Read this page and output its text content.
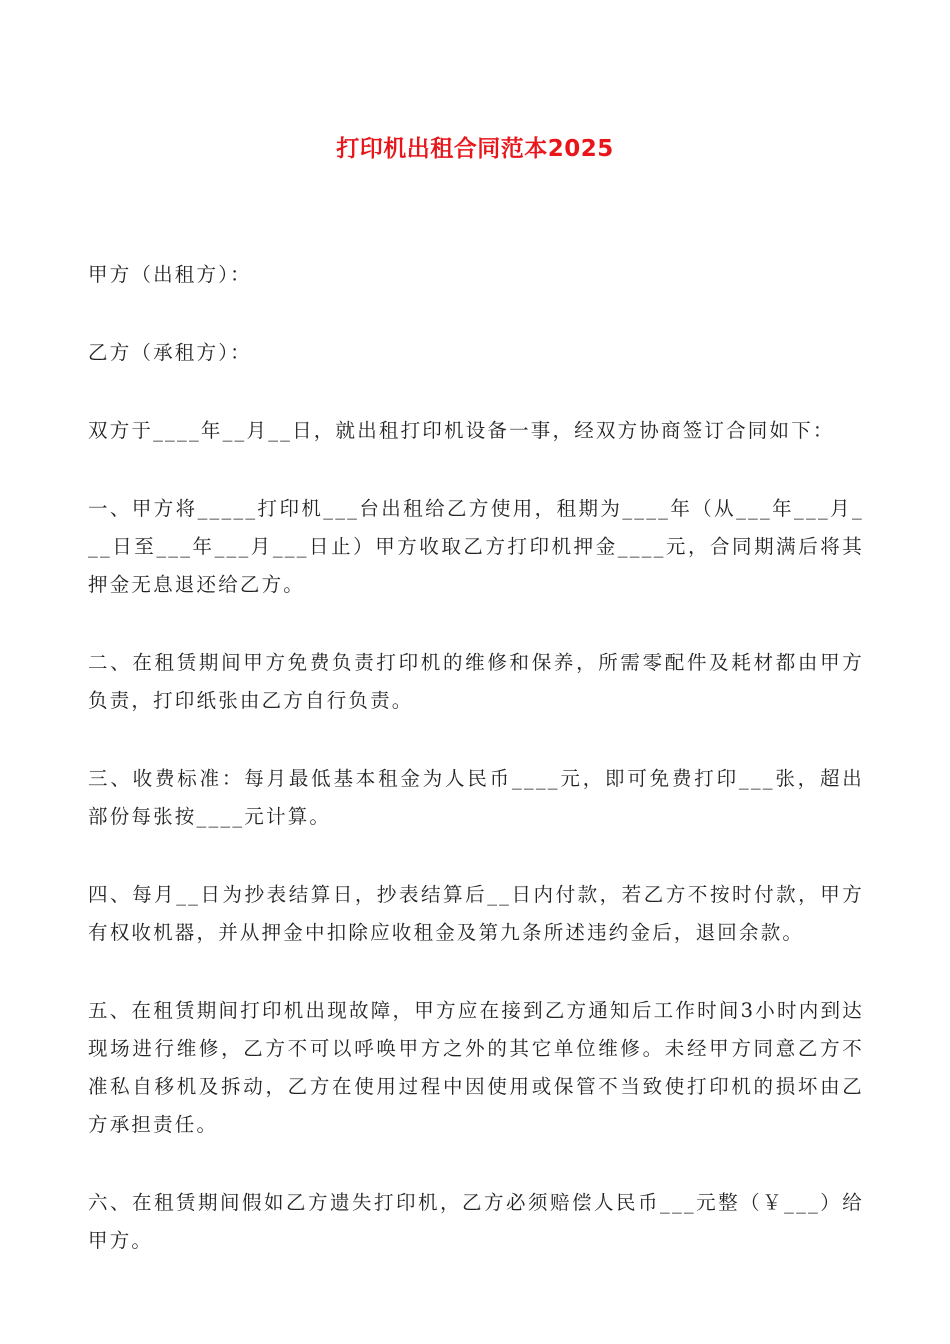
打印机出租合同范本2025

甲方（出租方）：

乙方（承租方）：

双方于____年__月__日，就出租打印机设备一事，经双方协商签订合同如下：

一、甲方将_____打印机___台出租给乙方使用，租期为____年（从___年___月___日至___年___月___日止）甲方收取乙方打印机押金____元，合同期满后将其押金无息退还给乙方。

二、在租赁期间甲方免费负责打印机的维修和保养，所需零配件及耗材都由甲方负责，打印纸张由乙方自行负责。

三、收费标准：每月最低基本租金为人民币____元，即可免费打印___张，超出部份每张按____元计算。

四、每月__日为抄表结算日，抄表结算后__日内付款，若乙方不按时付款，甲方有权收机器，并从押金中扣除应收租金及第九条所述违约金后，退回余款。

五、在租赁期间打印机出现故障，甲方应在接到乙方通知后工作时间3小时内到达现场进行维修，乙方不可以呼唤甲方之外的其它单位维修。未经甲方同意乙方不准私自移机及拆动，乙方在使用过程中因使用或保管不当致使打印机的损坏由乙方承担责任。

六、在租赁期间假如乙方遗失打印机，乙方必须赔偿人民币___元整（￥___）给甲方。
